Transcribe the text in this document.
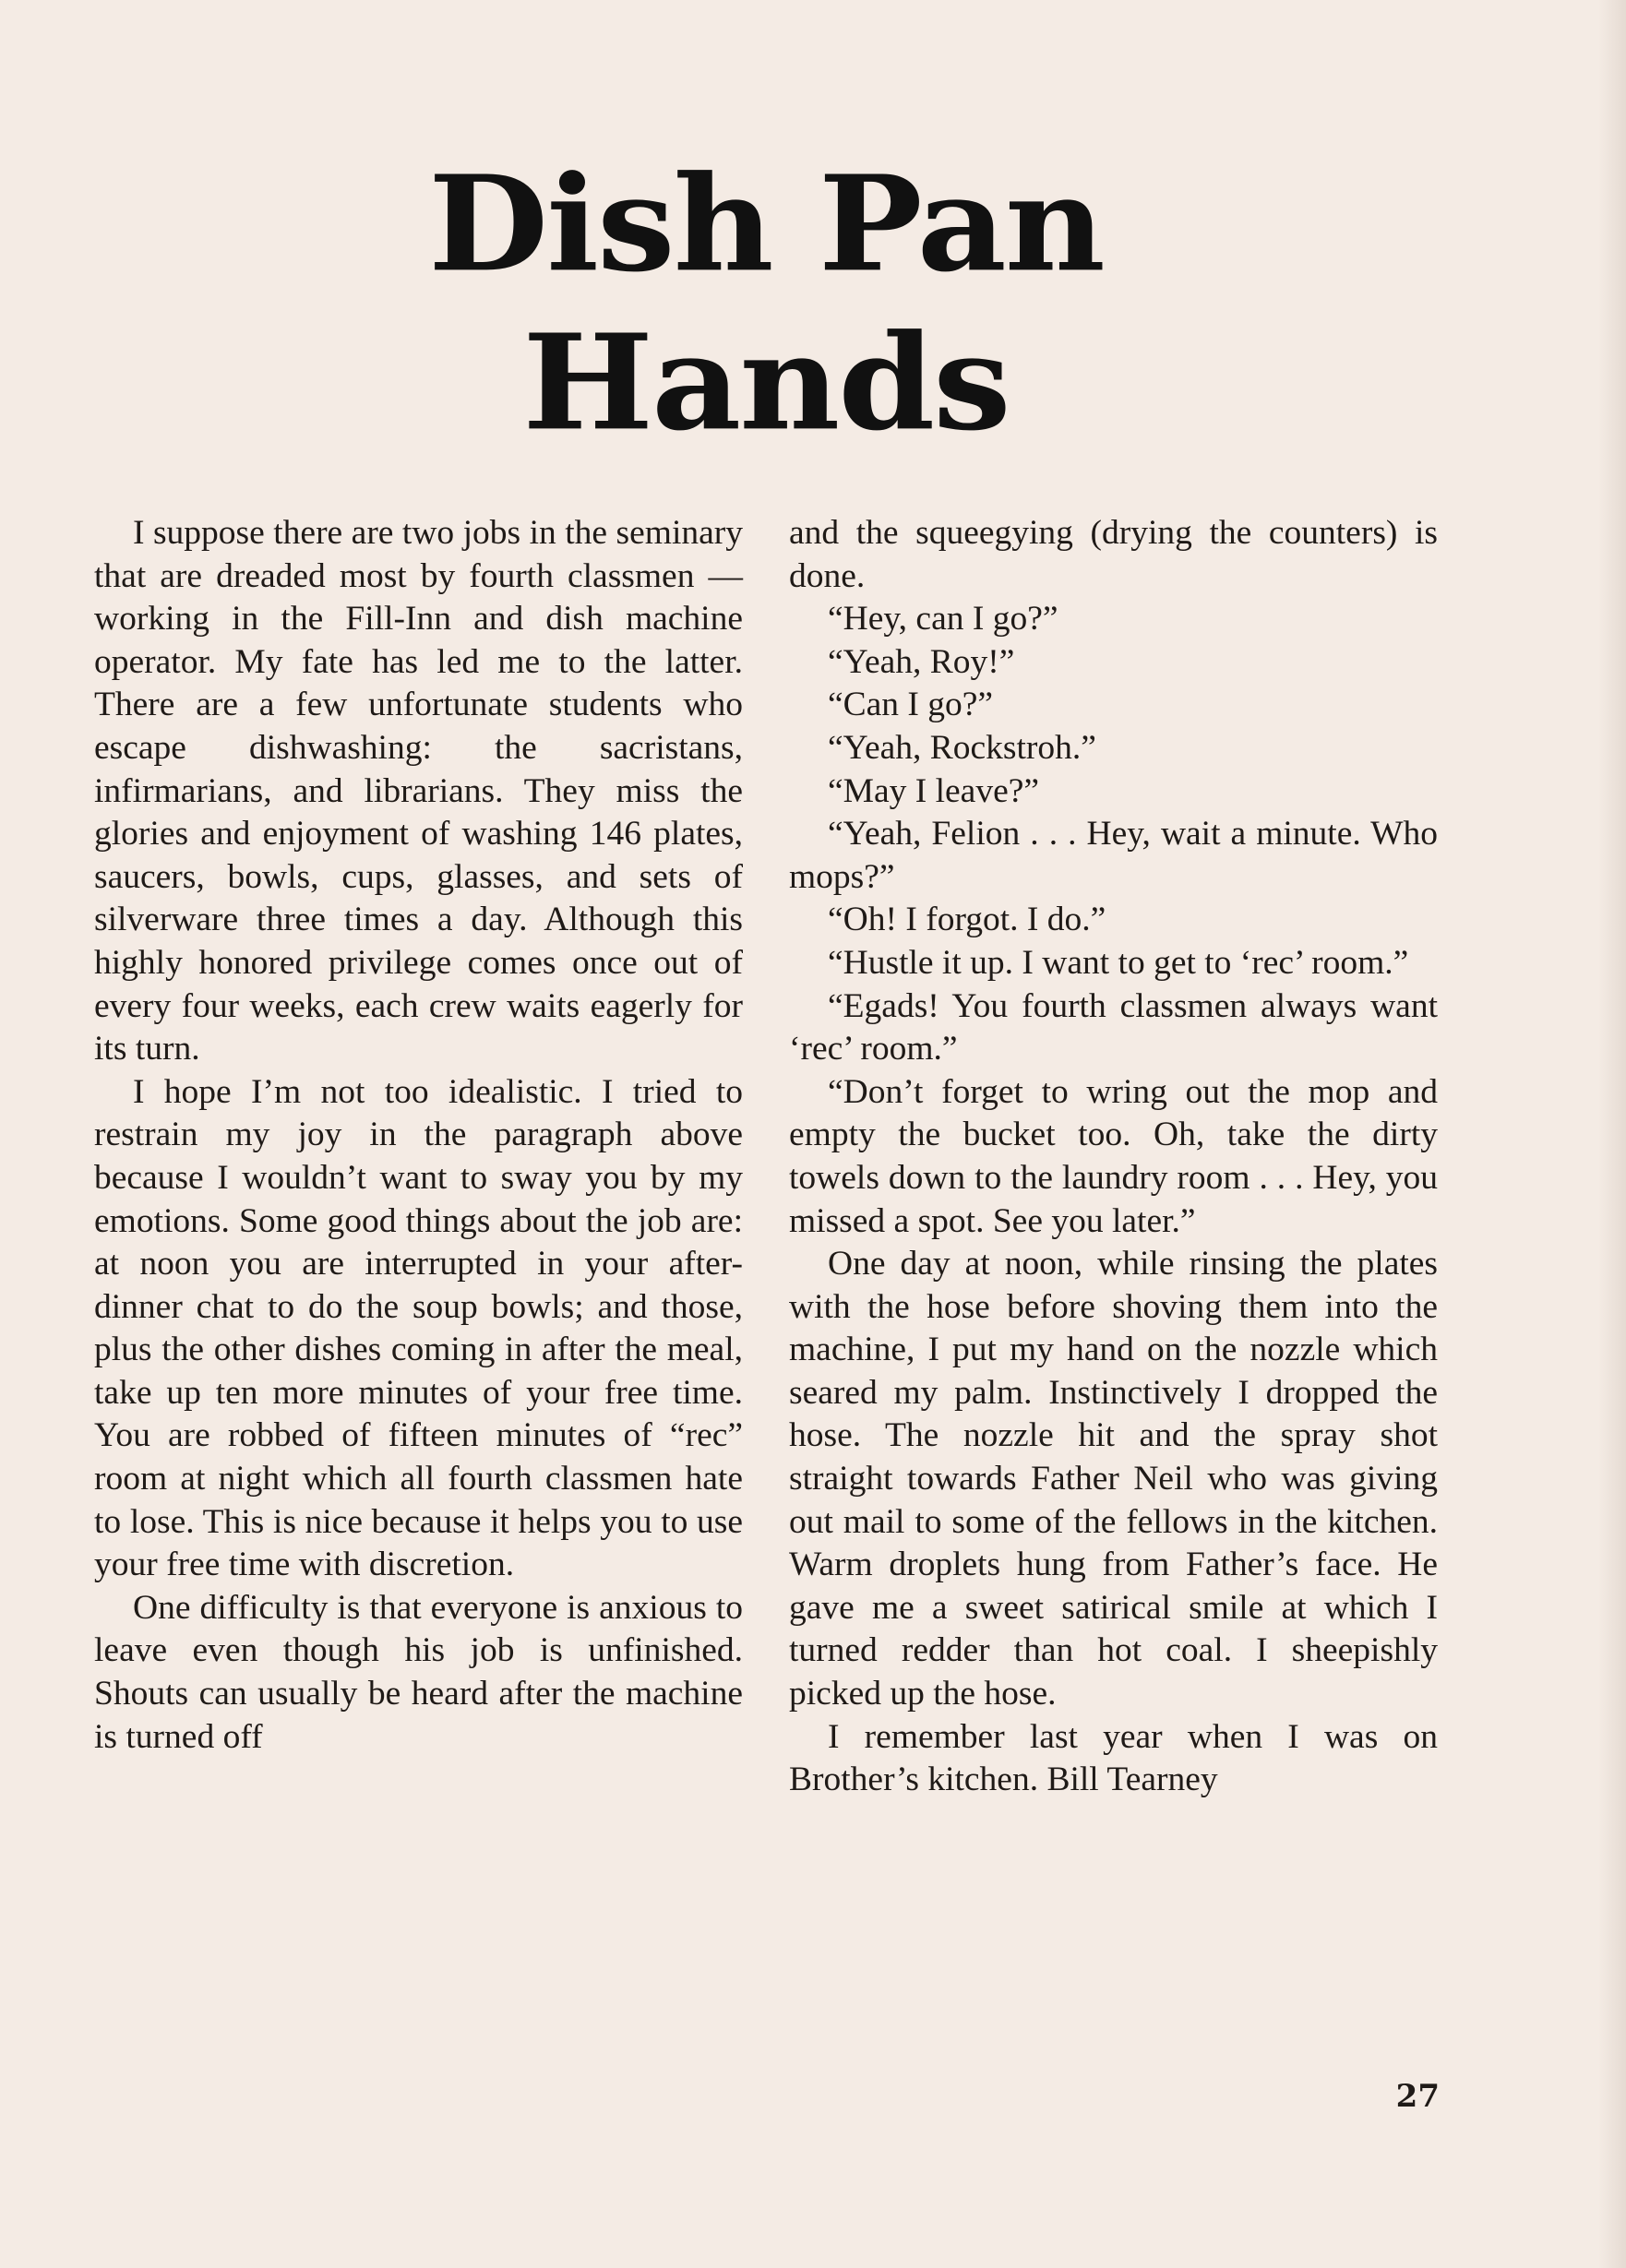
Dish Pan
Hands

I suppose there are two jobs in the seminary that are dreaded most by fourth classmen — working in the Fill-Inn and dish machine operator. My fate has led me to the latter. There are a few unfortunate students who escape dishwashing: the sacristans, infirmarians, and librarians. They miss the glories and enjoyment of washing 146 plates, saucers, bowls, cups, glasses, and sets of silverware three times a day. Although this highly honored privilege comes once out of every four weeks, each crew waits eagerly for its turn.

I hope I’m not too idealistic. I tried to restrain my joy in the paragraph above because I wouldn’t want to sway you by my emotions. Some good things about the job are: at noon you are interrupted in your after-dinner chat to do the soup bowls; and those, plus the other dishes coming in after the meal, take up ten more minutes of your free time. You are robbed of fifteen minutes of “rec” room at night which all fourth classmen hate to lose. This is nice because it helps you to use your free time with discretion.

One difficulty is that everyone is anxious to leave even though his job is unfinished. Shouts can usually be heard after the machine is turned off

and the squeegying (drying the counters) is done.

“Hey, can I go?”

“Yeah, Roy!”

“Can I go?”

“Yeah, Rockstroh.”

“May I leave?”

“Yeah, Felion . . . Hey, wait a minute. Who mops?”

“Oh! I forgot. I do.”

“Hustle it up. I want to get to ‘rec’ room.”

“Egads! You fourth classmen always want ‘rec’ room.”

“Don’t forget to wring out the mop and empty the bucket too. Oh, take the dirty towels down to the laundry room . . . Hey, you missed a spot. See you later.”

One day at noon, while rinsing the plates with the hose before shoving them into the machine, I put my hand on the nozzle which seared my palm. Instinctively I dropped the hose. The nozzle hit and the spray shot straight towards Father Neil who was giving out mail to some of the fellows in the kitchen. Warm droplets hung from Father’s face. He gave me a sweet satirical smile at which I turned redder than hot coal. I sheepishly picked up the hose.

I remember last year when I was on Brother’s kitchen. Bill Tearney

27
